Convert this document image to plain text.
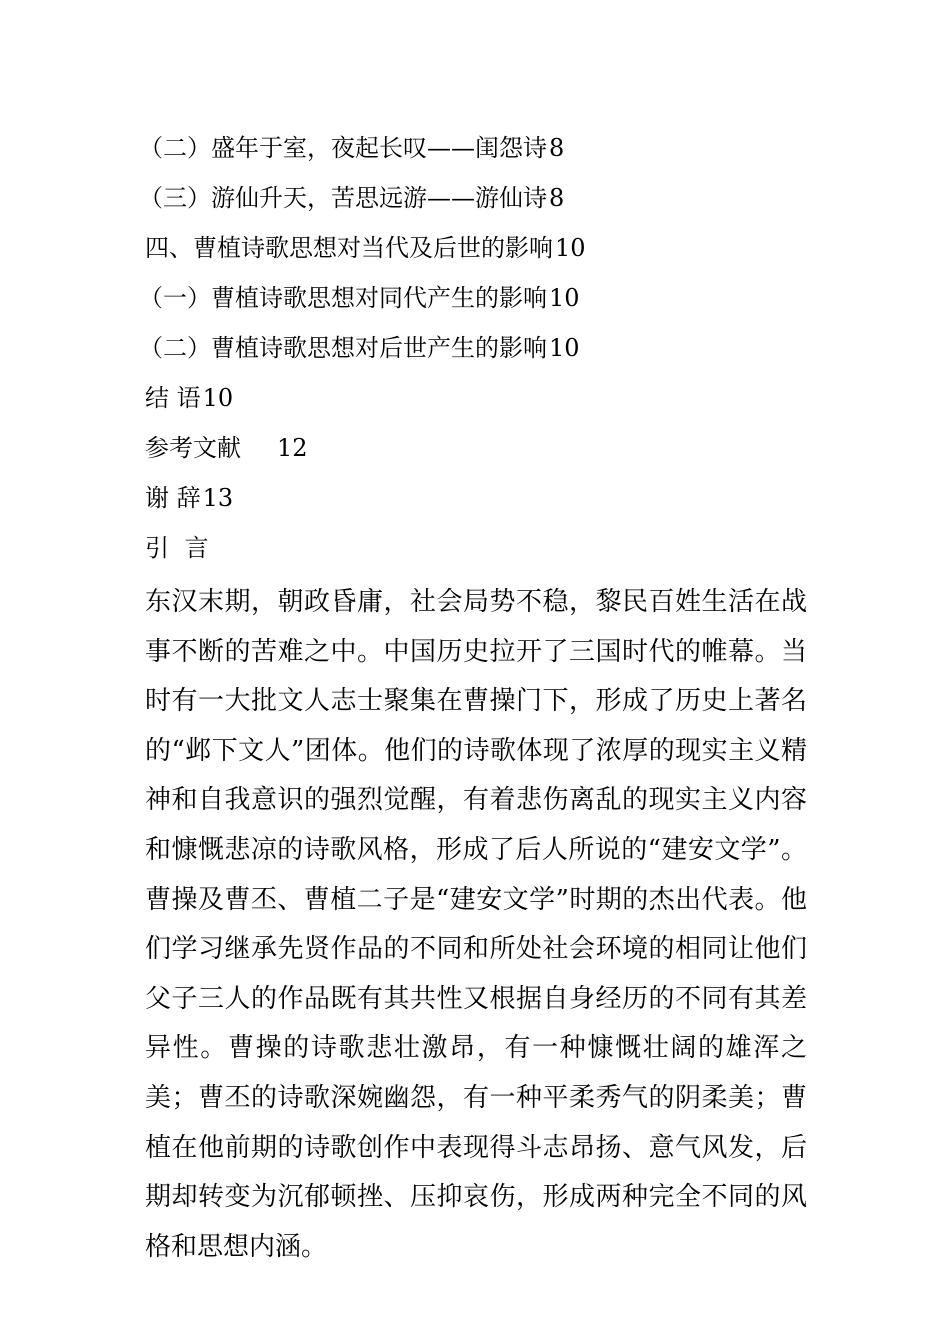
（二）盛年于室，夜起长叹——闺怨诗8
（三）游仙升天，苦思远游——游仙诗8
四、曹植诗歌思想对当代及后世的影响10
（一）曹植诗歌思想对同代产生的影响10
（二）曹植诗歌思想对后世产生的影响10
结 语10
参考文献 12
谢 辞13
引 言
东汉末期，朝政昏庸，社会局势不稳，黎民百姓生活在战事不断的苦难之中。中国历史拉开了三国时代的帷幕。当时有一大批文人志士聚集在曹操门下，形成了历史上著名的“邺下文人”团体。他们的诗歌体现了浓厚的现实主义精神和自我意识的强烈觉醒，有着悲伤离乱的现实主义内容和慷慨悲凉的诗歌风格，形成了后人所说的“建安文学”。曹操及曹丕、曹植二子是“建安文学”时期的杰出代表。他们学习继承先贤作品的不同和所处社会环境的相同让他们父子三人的作品既有其共性又根据自身经历的不同有其差异性。曹操的诗歌悲壮激昂，有一种慷慨壮阔的雄浑之美；曹丕的诗歌深婉幽怨，有一种平柔秀气的阴柔美；曹植在他前期的诗歌创作中表现得斗志昂扬、意气风发，后期却转变为沉郁顿挫、压抑哀伤，形成两种完全不同的风格和思想内涵。
